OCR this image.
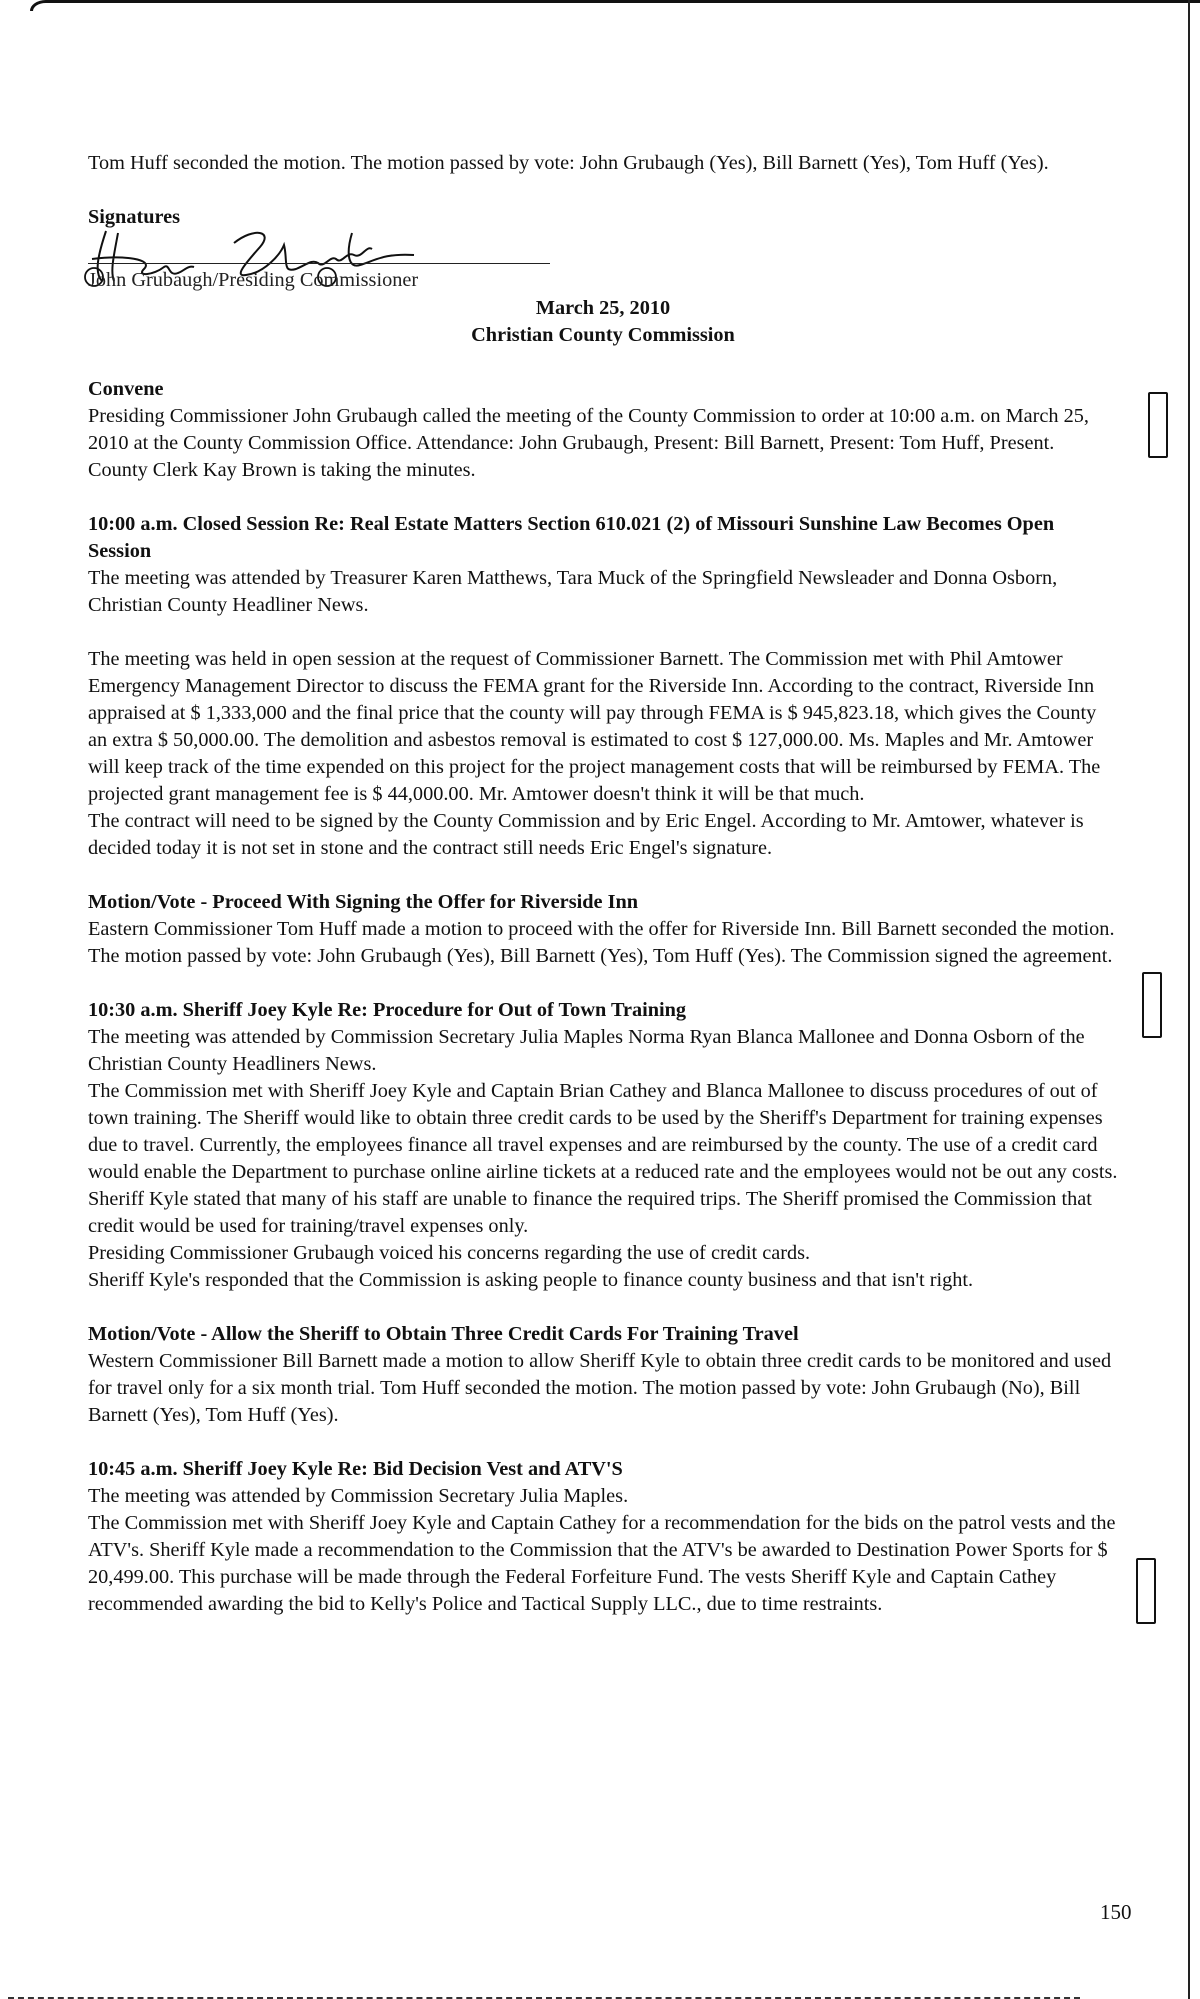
Tom Huff seconded the motion. The motion passed by vote: John Grubaugh (Yes), Bill Barnett (Yes), Tom Huff (Yes).

Signatures

John Grubaugh/Presiding Commissioner

March 25, 2010

Christian County Commission

Convene

Presiding Commissioner John Grubaugh called the meeting of the County Commission to order at 10:00 a.m. on March 25, 2010 at the County Commission Office. Attendance: John Grubaugh, Present: Bill Barnett, Present: Tom Huff, Present. County Clerk Kay Brown is taking the minutes.

10:00 a.m. Closed Session Re: Real Estate Matters Section 610.021 (2) of Missouri Sunshine Law Becomes Open Session

The meeting was attended by Treasurer Karen Matthews, Tara Muck of the Springfield Newsleader and Donna Osborn, Christian County Headliner News.

The meeting was held in open session at the request of Commissioner Barnett. The Commission met with Phil Amtower Emergency Management Director to discuss the FEMA grant for the Riverside Inn. According to the contract, Riverside Inn appraised at $ 1,333,000 and the final price that the county will pay through FEMA is $ 945,823.18, which gives the County an extra $ 50,000.00. The demolition and asbestos removal is estimated to cost $ 127,000.00. Ms. Maples and Mr. Amtower will keep track of the time expended on this project for the project management costs that will be reimbursed by FEMA. The projected grant management fee is $ 44,000.00. Mr. Amtower doesn't think it will be that much.

The contract will need to be signed by the County Commission and by Eric Engel. According to Mr. Amtower, whatever is decided today it is not set in stone and the contract still needs Eric Engel's signature.

Motion/Vote - Proceed With Signing the Offer for Riverside Inn

Eastern Commissioner Tom Huff made a motion to proceed with the offer for Riverside Inn. Bill Barnett seconded the motion. The motion passed by vote: John Grubaugh (Yes), Bill Barnett (Yes), Tom Huff (Yes). The Commission signed the agreement.

10:30 a.m. Sheriff Joey Kyle Re: Procedure for Out of Town Training

The meeting was attended by Commission Secretary Julia Maples Norma Ryan Blanca Mallonee and Donna Osborn of the Christian County Headliners News.

The Commission met with Sheriff Joey Kyle and Captain Brian Cathey and Blanca Mallonee to discuss procedures of out of town training. The Sheriff would like to obtain three credit cards to be used by the Sheriff's Department for training expenses due to travel. Currently, the employees finance all travel expenses and are reimbursed by the county. The use of a credit card would enable the Department to purchase online airline tickets at a reduced rate and the employees would not be out any costs. Sheriff Kyle stated that many of his staff are unable to finance the required trips. The Sheriff promised the Commission that credit would be used for training/travel expenses only.

Presiding Commissioner Grubaugh voiced his concerns regarding the use of credit cards.

Sheriff Kyle's responded that the Commission is asking people to finance county business and that isn't right.

Motion/Vote - Allow the Sheriff to Obtain Three Credit Cards For Training Travel

Western Commissioner Bill Barnett made a motion to allow Sheriff Kyle to obtain three credit cards to be monitored and used for travel only for a six month trial. Tom Huff seconded the motion. The motion passed by vote: John Grubaugh (No), Bill Barnett (Yes), Tom Huff (Yes).

10:45 a.m. Sheriff Joey Kyle Re: Bid Decision Vest and ATV'S

The meeting was attended by Commission Secretary Julia Maples.

The Commission met with Sheriff Joey Kyle and Captain Cathey for a recommendation for the bids on the patrol vests and the ATV's. Sheriff Kyle made a recommendation to the Commission that the ATV's be awarded to Destination Power Sports for $ 20,499.00. This purchase will be made through the Federal Forfeiture Fund. The vests Sheriff Kyle and Captain Cathey recommended awarding the bid to Kelly's Police and Tactical Supply LLC., due to time restraints.

150
